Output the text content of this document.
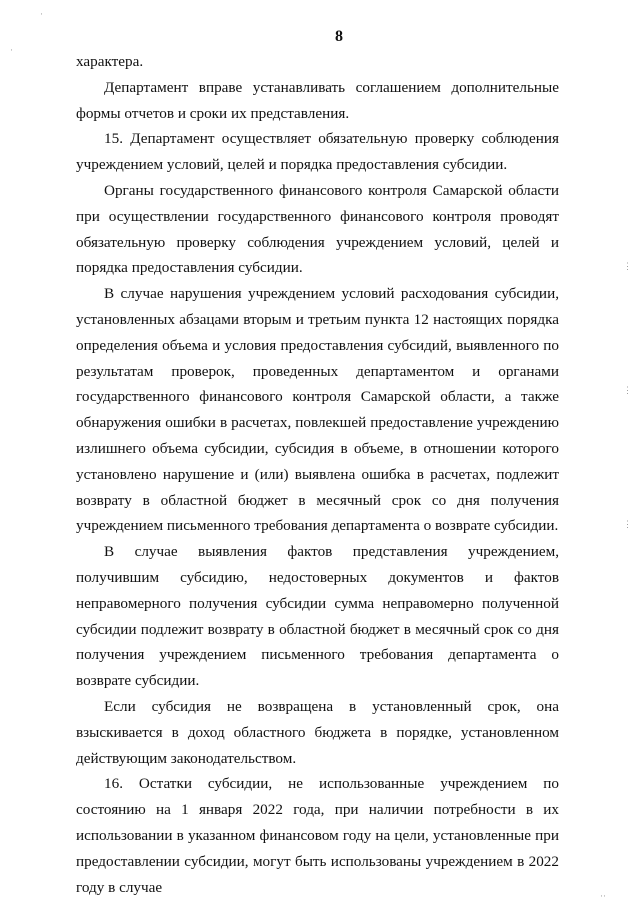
8

характера.

Департамент вправе устанавливать соглашением дополнительные формы отчетов и сроки их представления.

15. Департамент осуществляет обязательную проверку соблюдения учреждением условий, целей и порядка предоставления субсидии.

Органы государственного финансового контроля Самарской области при осуществлении государственного финансового контроля проводят обязательную проверку соблюдения учреждением условий, целей и порядка предоставления субсидии.

В случае нарушения учреждением условий расходования субсидии, установленных абзацами вторым и третьим пункта 12 настоящих порядка определения объема и условия предоставления субсидий, выявленного по результатам проверок, проведенных департаментом и органами государственного финансового контроля Самарской области, а также обнаружения ошибки в расчетах, повлекшей предоставление учреждению излишнего объема субсидии, субсидия в объеме, в отношении которого установлено нарушение и (или) выявлена ошибка в расчетах, подлежит возврату в областной бюджет в месячный срок со дня получения учреждением письменного требования департамента о возврате субсидии.

В случае выявления фактов представления учреждением, получившим субсидию, недостоверных документов и фактов неправомерного получения субсидии сумма неправомерно полученной субсидии подлежит возврату в областной бюджет в месячный срок со дня получения учреждением письменного требования департамента о возврате субсидии.

Если субсидия не возвращена в установленный срок, она взыскивается в доход областного бюджета в порядке, установленном действующим законодательством.

16. Остатки субсидии, не использованные учреждением по состоянию на 1 января 2022 года, при наличии потребности в их использовании в указанном финансовом году на цели, установленные при предоставлении субсидии, могут быть использованы учреждением в 2022 году в случае

·
·
⋮
⋮
⋮
··
